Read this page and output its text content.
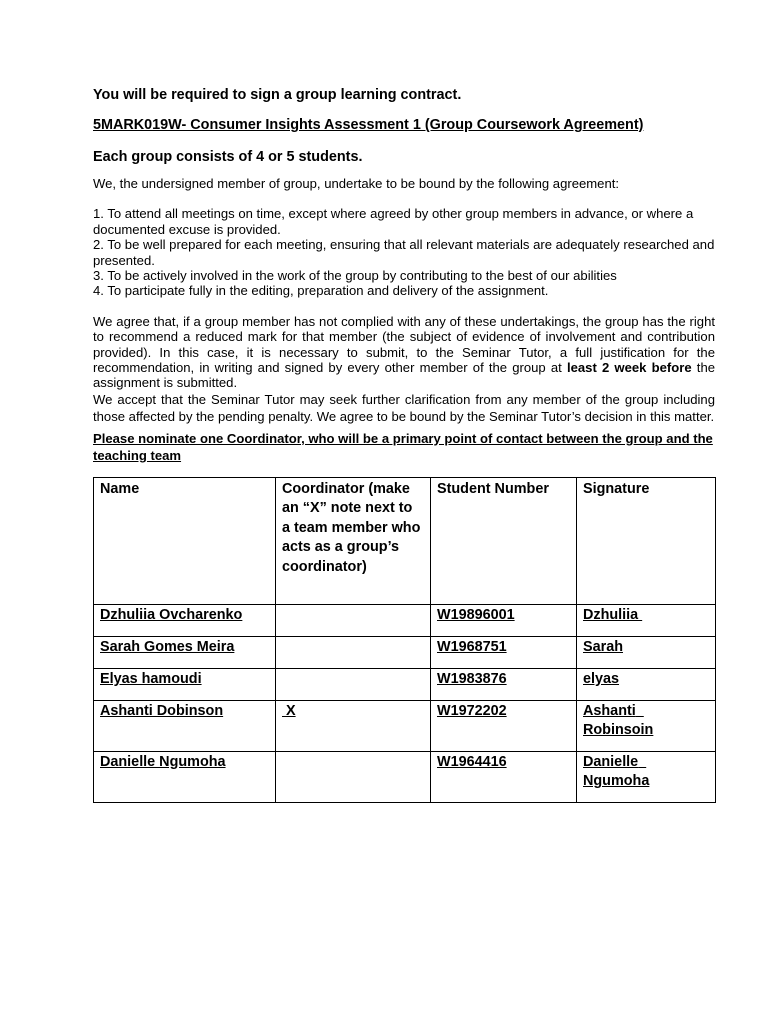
You will be required to sign a group learning contract.

5MARK019W- Consumer Insights Assessment 1 (Group Coursework Agreement)

Each group consists of 4 or 5 students.

We, the undersigned member of group, undertake to be bound by the following agreement:

1. To attend all meetings on time, except where agreed by other group members in advance, or where a documented excuse is provided.

2. To be well prepared for each meeting, ensuring that all relevant materials are adequately researched and presented.

3. To be actively involved in the work of the group by contributing to the best of our abilities

4. To participate fully in the editing, preparation and delivery of the assignment.

We agree that, if a group member has not complied with any of these undertakings, the group has the right to recommend a reduced mark for that member (the subject of evidence of involvement and contribution provided). In this case, it is necessary to submit, to the Seminar Tutor, a full justification for the recommendation, in writing and signed by every other member of the group at least 2 week before the assignment is submitted.

We accept that the Seminar Tutor may seek further clarification from any member of the group including those affected by the pending penalty. We agree to be bound by the Seminar Tutor’s decision in this matter.

Please nominate one Coordinator, who will be a primary point of contact between the group and the teaching team

Name	Coordinator (make an “X” note next to a team member who acts as a group’s coordinator)	Student Number	Signature
Dzhuliia Ovcharenko		W19896001	Dzhuliia
Sarah Gomes Meira		W1968751	Sarah
Elyas hamoudi		W1983876	elyas
Ashanti Dobinson	X	W1972202	Ashanti  Robinsoin
Danielle Ngumoha		W1964416	Danielle  Ngumoha
